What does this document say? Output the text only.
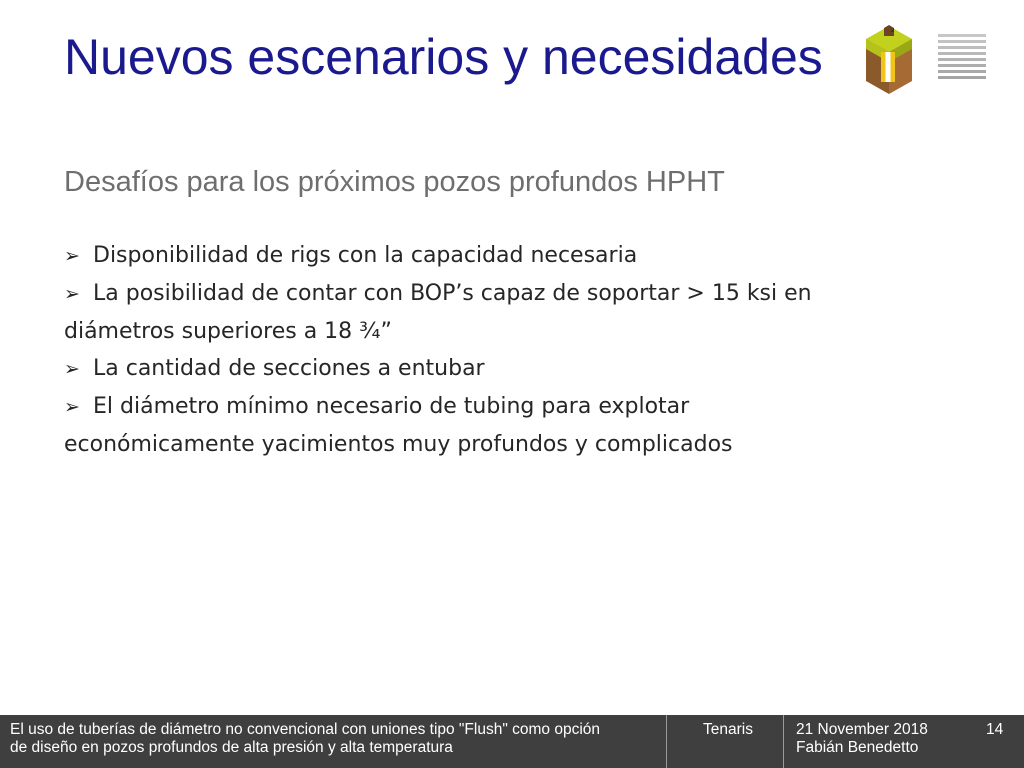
Nuevos escenarios y necesidades
Desafíos para los próximos pozos profundos HPHT
➢ Disponibilidad de rigs con la capacidad necesaria
➢ La posibilidad de contar con BOP’s capaz de soportar > 15 ksi en
diámetros superiores a 18 ¾”
➢ La cantidad de secciones a entubar
➢ El diámetro mínimo necesario de tubing para explotar
económicamente yacimientos muy profundos y complicados
El uso de tuberías de diámetro no convencional con uniones tipo "Flush" como opción
de diseño en pozos profundos de alta presión y alta temperatura
Tenaris	21 November 2018
Fabián Benedetto
14
